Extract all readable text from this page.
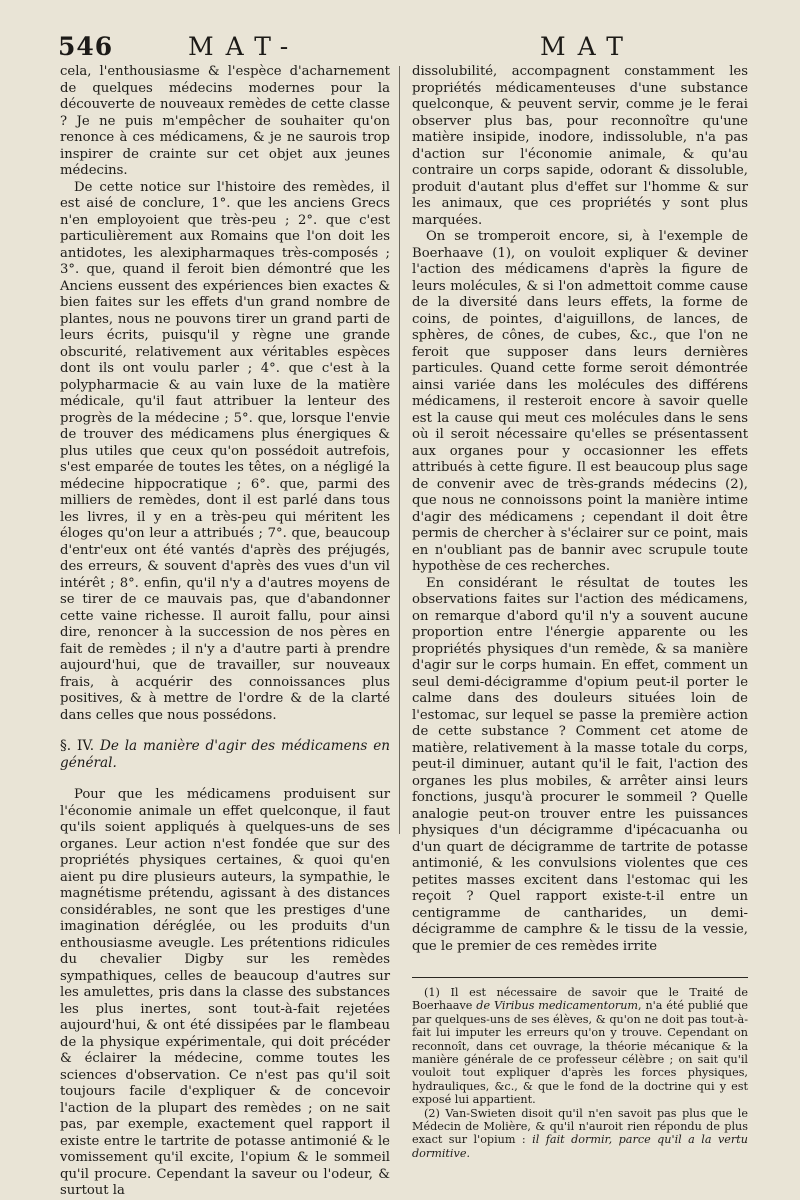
546	MAT-	MAT

cela, l'enthousiasme & l'espèce d'acharnement de quelques médecins modernes pour la découverte de nouveaux remèdes de cette classe ? Je ne puis m'empêcher de souhaiter qu'on renonce à ces médicamens, & je ne saurois trop inspirer de crainte sur cet objet aux jeunes médecins.

De cette notice sur l'histoire des remèdes, il est aisé de conclure, 1°. que les anciens Grecs n'en employoient que très-peu ; 2°. que c'est particulièrement aux Romains que l'on doit les antidotes, les alexipharmaques très-composés ; 3°. que, quand il feroit bien démontré que les Anciens eussent des expériences bien exactes & bien faites sur les effets d'un grand nombre de plantes, nous ne pouvons tirer un grand parti de leurs écrits, puisqu'il y règne une grande obscurité, relativement aux véritables espèces dont ils ont voulu parler ; 4°. que c'est à la polypharmacie & au vain luxe de la matière médicale, qu'il faut attribuer la lenteur des progrès de la médecine ; 5°. que, lorsque l'envie de trouver des médicamens plus énergiques & plus utiles que ceux qu'on possédoit autrefois, s'est emparée de toutes les têtes, on a négligé la médecine hippocratique ; 6°. que, parmi des milliers de remèdes, dont il est parlé dans tous les livres, il y en a très-peu qui méritent les éloges qu'on leur a attribués ; 7°. que, beaucoup d'entr'eux ont été vantés d'après des préjugés, des erreurs, & souvent d'après des vues d'un vil intérêt ; 8°. enfin, qu'il n'y a d'autres moyens de se tirer de ce mauvais pas, que d'abandonner cette vaine richesse. Il auroit fallu, pour ainsi dire, renoncer à la succession de nos pères en fait de remèdes ; il n'y a d'autre parti à prendre aujourd'hui, que de travailler, sur nouveaux frais, à acquérir des connoissances plus positives, & à mettre de l'ordre & de la clarté dans celles que nous possédons.

§. IV. De la manière d'agir des médicamens en général.

Pour que les médicamens produisent sur l'économie animale un effet quelconque, il faut qu'ils soient appliqués à quelques-uns de ses organes. Leur action n'est fondée que sur des propriétés physiques certaines, & quoi qu'en aient pu dire plusieurs auteurs, la sympathie, le magnétisme prétendu, agissant à des distances considérables, ne sont que les prestiges d'une imagination déréglée, ou les produits d'un enthousiasme aveugle. Les prétentions ridicules du chevalier Digby sur les remèdes sympathiques, celles de beaucoup d'autres sur les amulettes, pris dans la classe des substances les plus inertes, sont tout-à-fait rejetées aujourd'hui, & ont été dissipées par le flambeau de la physique expérimentale, qui doit précéder & éclairer la médecine, comme toutes les sciences d'observation. Ce n'est pas qu'il soit toujours facile d'expliquer & de concevoir l'action de la plupart des remèdes ; on ne sait pas, par exemple, exactement quel rapport il existe entre le tartrite de potasse antimonié & le vomissement qu'il excite, l'opium & le sommeil qu'il procure. Cependant la saveur ou l'odeur, & surtout la

dissolubilité, accompagnent constamment les propriétés médicamenteuses d'une substance quelconque, & peuvent servir, comme je le ferai observer plus bas, pour reconnoître qu'une matière insipide, inodore, indissoluble, n'a pas d'action sur l'économie animale, & qu'au contraire un corps sapide, odorant & dissoluble, produit d'autant plus d'effet sur l'homme & sur les animaux, que ces propriétés y sont plus marquées.

On se tromperoit encore, si, à l'exemple de Boerhaave (1), on vouloit expliquer & deviner l'action des médicamens d'après la figure de leurs molécules, & si l'on admettoit comme cause de la diversité dans leurs effets, la forme de coins, de pointes, d'aiguillons, de lances, de sphères, de cônes, de cubes, &c., que l'on ne feroit que supposer dans leurs dernières particules. Quand cette forme seroit démontrée ainsi variée dans les molécules des différens médicamens, il resteroit encore à savoir quelle est la cause qui meut ces molécules dans le sens où il seroit nécessaire qu'elles se présentassent aux organes pour y occasionner les effets attribués à cette figure. Il est beaucoup plus sage de convenir avec de très-grands médecins (2), que nous ne connoissons point la manière intime d'agir des médicamens ; cependant il doit être permis de chercher à s'éclairer sur ce point, mais en n'oubliant pas de bannir avec scrupule toute hypothèse de ces recherches.

En considérant le résultat de toutes les observations faites sur l'action des médicamens, on remarque d'abord qu'il n'y a souvent aucune proportion entre l'énergie apparente ou les propriétés physiques d'un remède, & sa manière d'agir sur le corps humain. En effet, comment un seul demi-décigramme d'opium peut-il porter le calme dans des douleurs situées loin de l'estomac, sur lequel se passe la première action de cette substance ? Comment cet atome de matière, relativement à la masse totale du corps, peut-il diminuer, autant qu'il le fait, l'action des organes les plus mobiles, & arrêter ainsi leurs fonctions, jusqu'à procurer le sommeil ? Quelle analogie peut-on trouver entre les puissances physiques d'un décigramme d'ipécacuanha ou d'un quart de décigramme de tartrite de potasse antimonié, & les convulsions violentes que ces petites masses excitent dans l'estomac qui les reçoit ? Quel rapport existe-t-il entre un centigramme de cantharides, un demi-décigramme de camphre & le tissu de la vessie, que le premier de ces remèdes irrite

(1) Il est nécessaire de savoir que le Traité de Boerhaave de Viribus medicamentorum, n'a été publié que par quelques-uns de ses élèves, & qu'on ne doit pas tout-à-fait lui imputer les erreurs qu'on y trouve. Cependant on reconnoît, dans cet ouvrage, la théorie mécanique & la manière générale de ce professeur célèbre ; on sait qu'il vouloit tout expliquer d'après les forces physiques, hydrauliques, &c., & que le fond de la doctrine qui y est exposé lui appartient.

(2) Van-Swieten disoit qu'il n'en savoit pas plus que le Médecin de Molière, & qu'il n'auroit rien répondu de plus exact sur l'opium : il fait dormir, parce qu'il a la vertu dormitive.
